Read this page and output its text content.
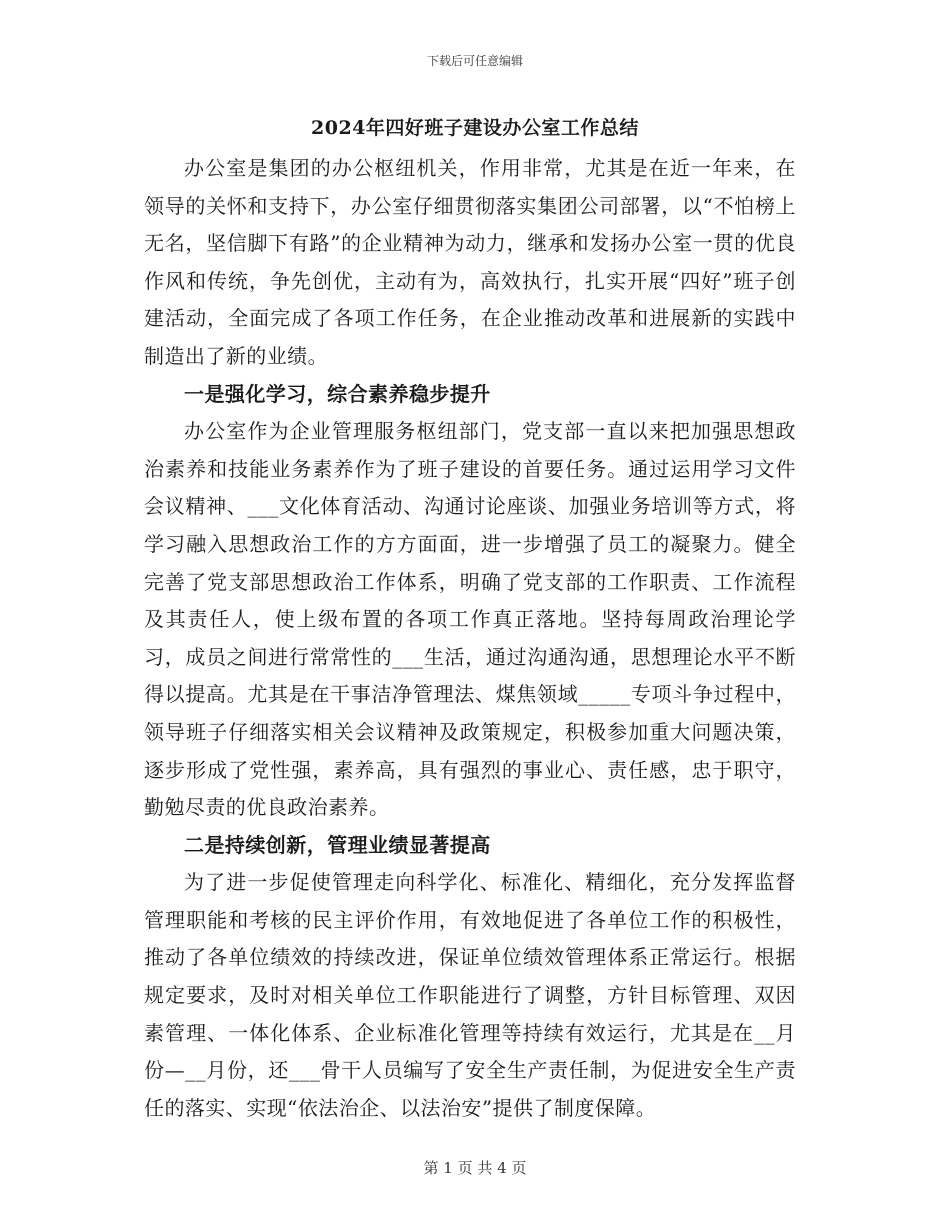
下载后可任意编辑
2024年四好班子建设办公室工作总结

办公室是集团的办公枢纽机关，作用非常，尤其是在近一年来，在领导的关怀和支持下，办公室仔细贯彻落实集团公司部署，以“不怕榜上无名，坚信脚下有路”的企业精神为动力，继承和发扬办公室一贯的优良作风和传统，争先创优，主动有为，高效执行，扎实开展“四好”班子创建活动，全面完成了各项工作任务，在企业推动改革和进展新的实践中制造出了新的业绩。

一是强化学习，综合素养稳步提升

办公室作为企业管理服务枢纽部门，党支部一直以来把加强思想政治素养和技能业务素养作为了班子建设的首要任务。通过运用学习文件会议精神、___文化体育活动、沟通讨论座谈、加强业务培训等方式，将学习融入思想政治工作的方方面面，进一步增强了员工的凝聚力。健全完善了党支部思想政治工作体系，明确了党支部的工作职责、工作流程及其责任人，使上级布置的各项工作真正落地。坚持每周政治理论学习，成员之间进行常常性的___生活，通过沟通沟通，思想理论水平不断得以提高。尤其是在干事洁净管理法、煤焦领域_____专项斗争过程中，领导班子仔细落实相关会议精神及政策规定，积极参加重大问题决策，逐步形成了党性强，素养高，具有强烈的事业心、责任感，忠于职守，勤勉尽责的优良政治素养。

二是持续创新，管理业绩显著提高

为了进一步促使管理走向科学化、标准化、精细化，充分发挥监督管理职能和考核的民主评价作用，有效地促进了各单位工作的积极性，推动了各单位绩效的持续改进，保证单位绩效管理体系正常运行。根据规定要求，及时对相关单位工作职能进行了调整，方针目标管理、双因素管理、一体化体系、企业标准化管理等持续有效运行，尤其是在__月份—__月份，还___骨干人员编写了安全生产责任制，为促进安全生产责任的落实、实现“依法治企、以法治安”提供了制度保障。

第 1 页 共 4 页
